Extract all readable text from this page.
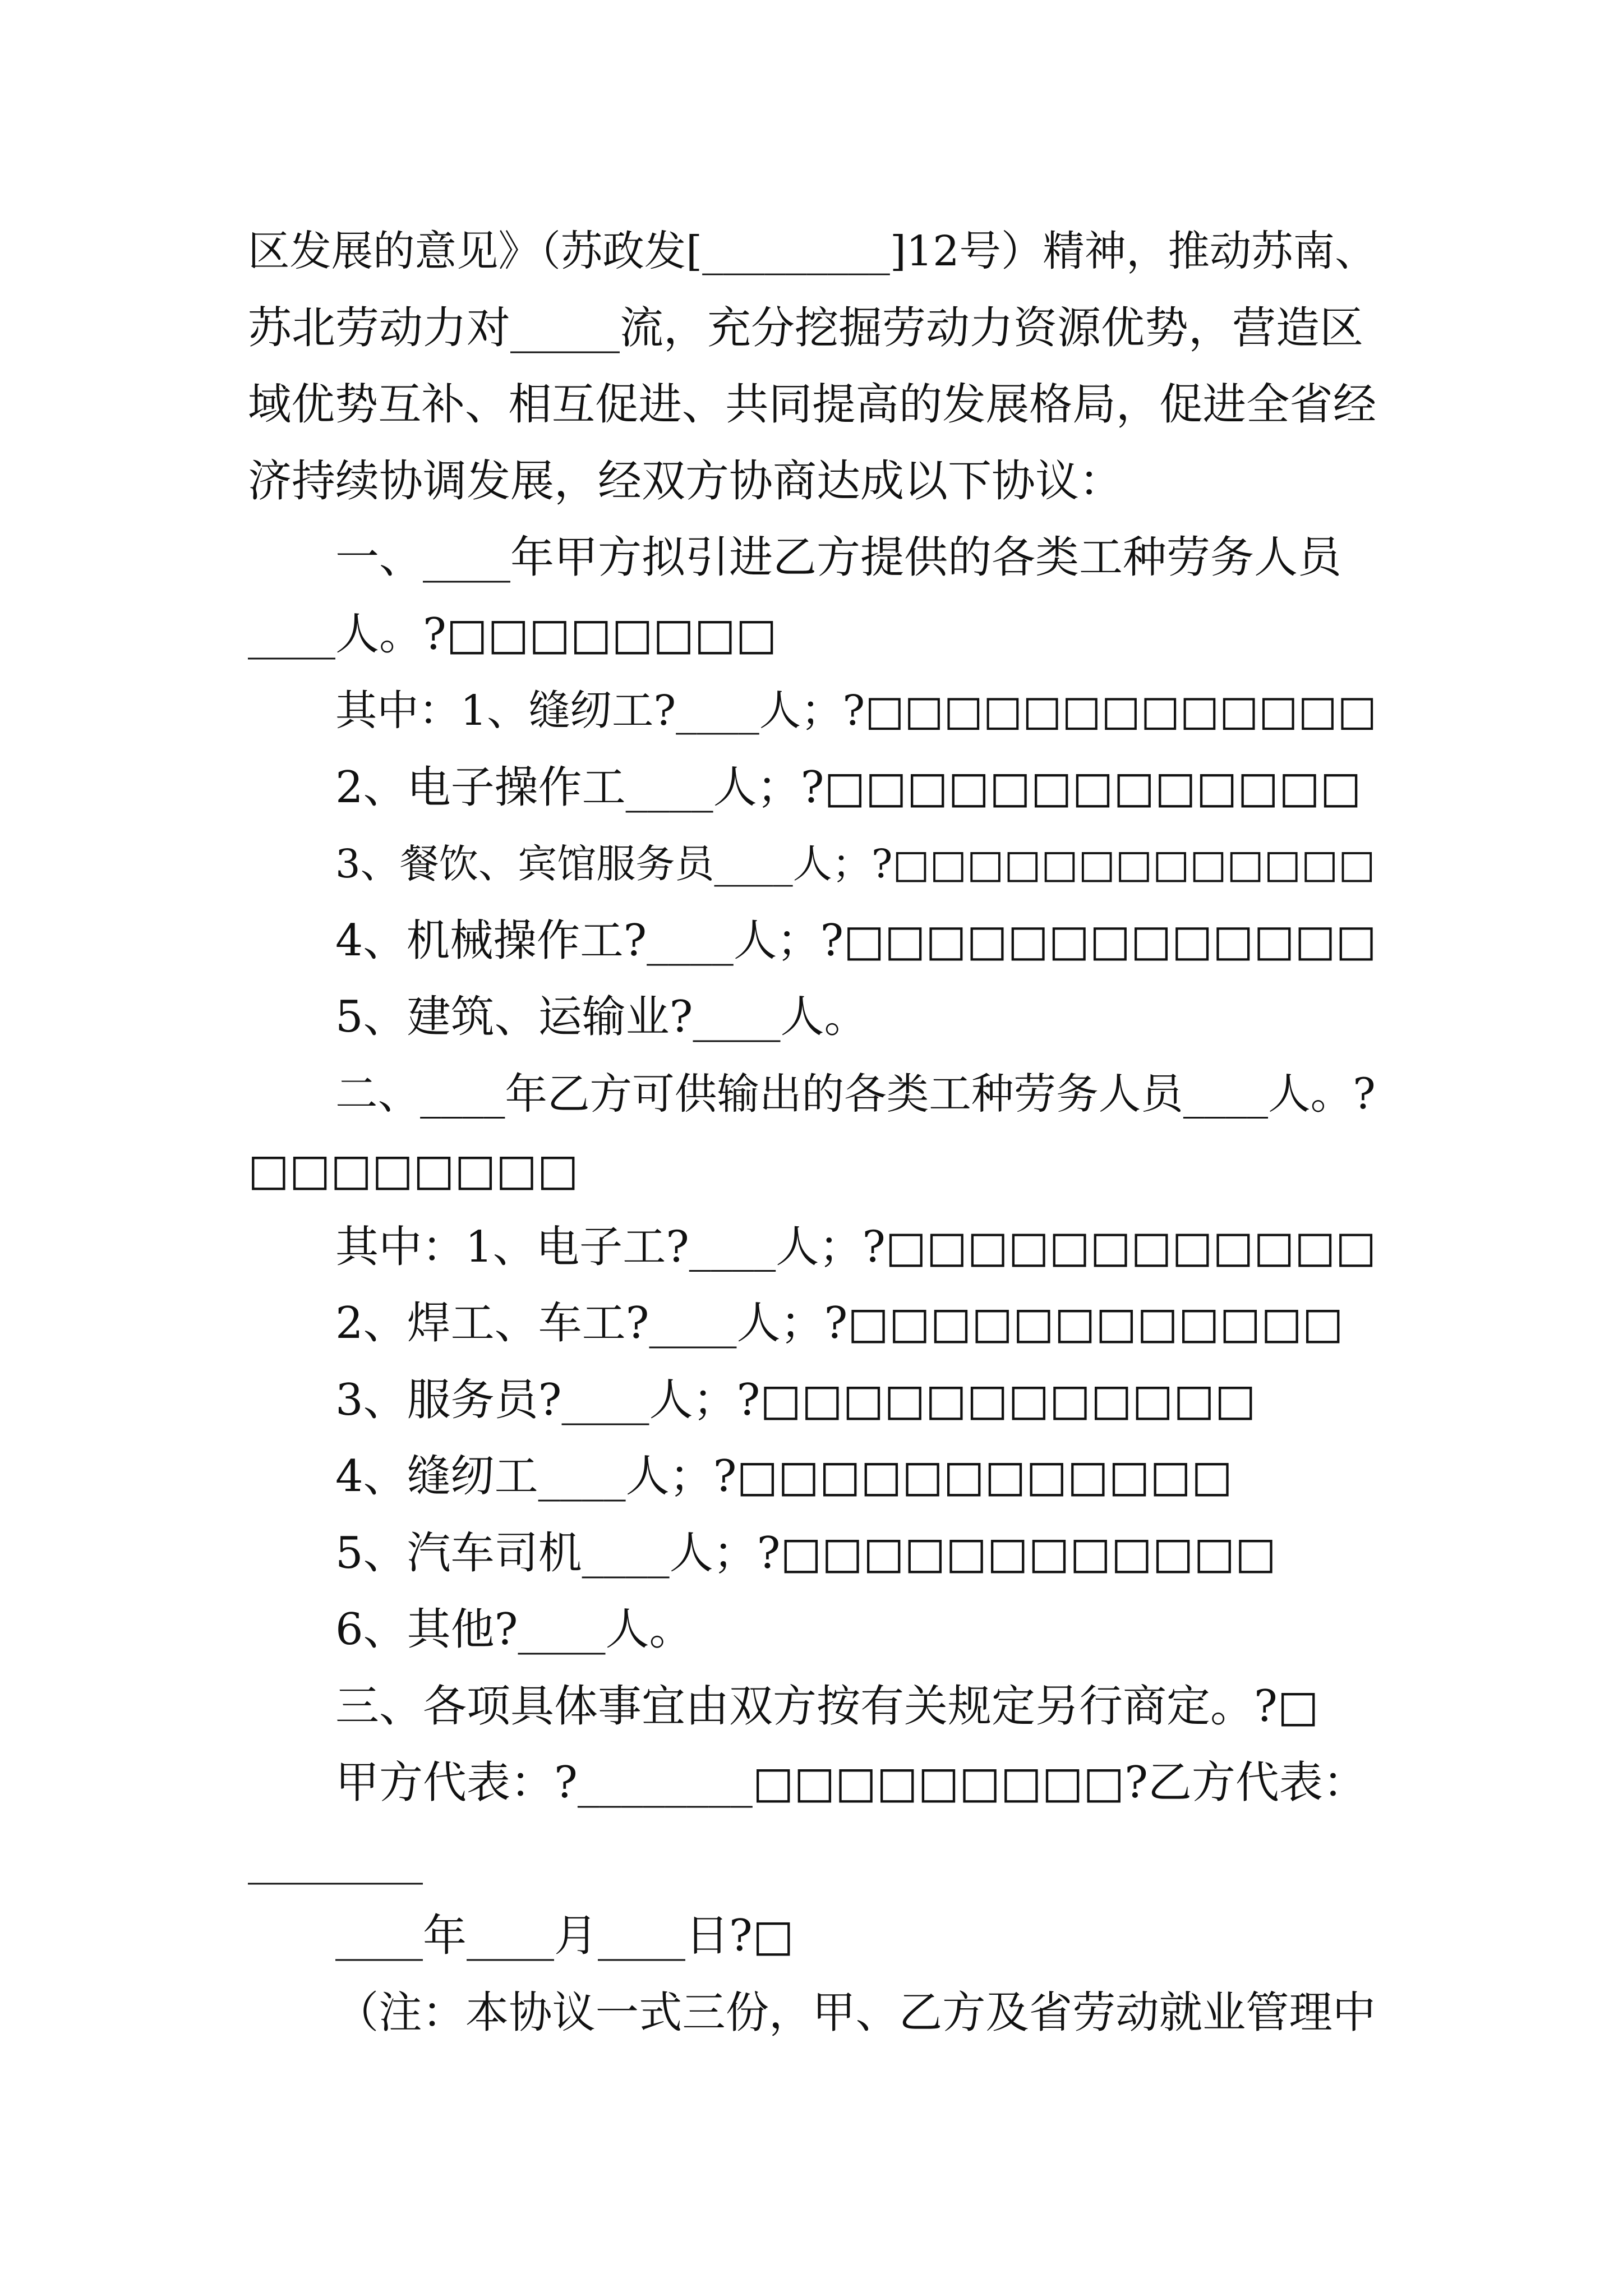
区发展的意见》（苏政发[_________]12号）精神，推动苏南、
苏北劳动力对_____流，充分挖掘劳动力资源优势，营造区
域优势互补、相互促进、共同提高的发展格局，促进全省经
济持续协调发展，经双方协商达成以下协议：
一、____年甲方拟引进乙方提供的各类工种劳务人员
____人。?□□□□□□□□
其中：1、缝纫工?____人；?□□□□□□□□□□□□□
2、电子操作工____人；?□□□□□□□□□□□□□
3、餐饮、宾馆服务员____人；?□□□□□□□□□□□□□
4、机械操作工?____人；?□□□□□□□□□□□□□
5、建筑、运输业?____人。
二、____年乙方可供输出的各类工种劳务人员____人。?
□□□□□□□□
其中：1、电子工?____人；?□□□□□□□□□□□□
2、焊工、车工?____人；?□□□□□□□□□□□□
3、服务员?____人；?□□□□□□□□□□□□
4、缝纫工____人；?□□□□□□□□□□□□
5、汽车司机____人；?□□□□□□□□□□□□
6、其他?____人。
三、各项具体事宜由双方按有关规定另行商定。?□
甲方代表：?________□□□□□□□□□?乙方代表：
________
____年____月____日?□
（注：本协议一式三份，甲、乙方及省劳动就业管理中
